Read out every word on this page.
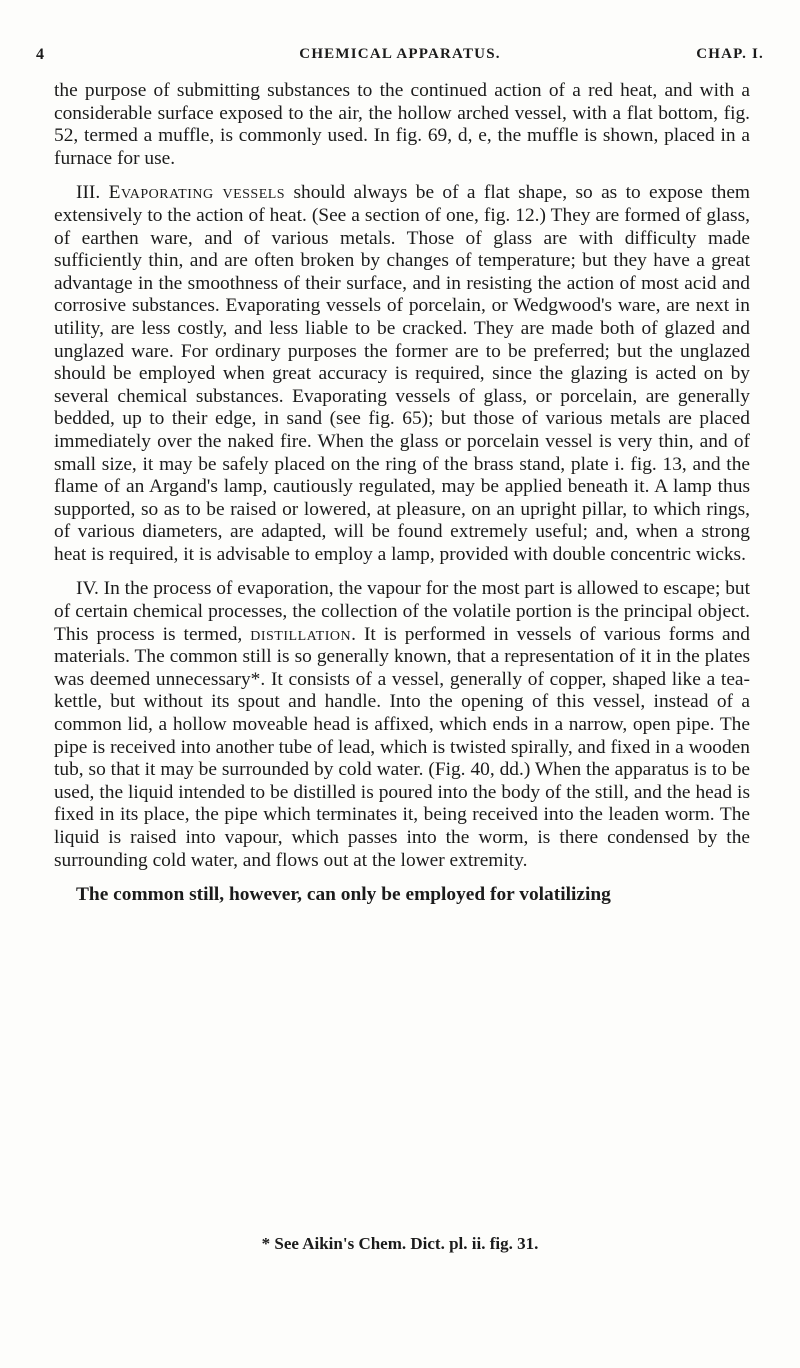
4	CHEMICAL APPARATUS.	CHAP. I.

the purpose of submitting substances to the continued action of a red heat, and with a considerable surface exposed to the air, the hollow arched vessel, with a flat bottom, fig. 52, termed a muffle, is commonly used. In fig. 69, d, e, the muffle is shown, placed in a furnace for use.

III. Evaporating vessels should always be of a flat shape, so as to expose them extensively to the action of heat. (See a section of one, fig. 12.) They are formed of glass, of earthen ware, and of various metals. Those of glass are with difficulty made sufficiently thin, and are often broken by changes of temperature; but they have a great advantage in the smoothness of their surface, and in resisting the action of most acid and corrosive substances. Evaporating vessels of porcelain, or Wedgwood's ware, are next in utility, are less costly, and less liable to be cracked. They are made both of glazed and unglazed ware. For ordinary purposes the former are to be preferred; but the unglazed should be employed when great accuracy is required, since the glazing is acted on by several chemical substances. Evaporating vessels of glass, or porcelain, are generally bedded, up to their edge, in sand (see fig. 65); but those of various metals are placed immediately over the naked fire. When the glass or porcelain vessel is very thin, and of small size, it may be safely placed on the ring of the brass stand, plate i. fig. 13, and the flame of an Argand's lamp, cautiously regulated, may be applied beneath it. A lamp thus supported, so as to be raised or lowered, at pleasure, on an upright pillar, to which rings, of various diameters, are adapted, will be found extremely useful; and, when a strong heat is required, it is advisable to employ a lamp, provided with double concentric wicks.

IV. In the process of evaporation, the vapour for the most part is allowed to escape; but of certain chemical processes, the collection of the volatile portion is the principal object. This process is termed, distillation. It is performed in vessels of various forms and materials. The common still is so generally known, that a representation of it in the plates was deemed unnecessary*. It consists of a vessel, generally of copper, shaped like a tea-kettle, but without its spout and handle. Into the opening of this vessel, instead of a common lid, a hollow moveable head is affixed, which ends in a narrow, open pipe. The pipe is received into another tube of lead, which is twisted spirally, and fixed in a wooden tub, so that it may be surrounded by cold water. (Fig. 40, dd.) When the apparatus is to be used, the liquid intended to be distilled is poured into the body of the still, and the head is fixed in its place, the pipe which terminates it, being received into the leaden worm. The liquid is raised into vapour, which passes into the worm, is there condensed by the surrounding cold water, and flows out at the lower extremity.

The common still, however, can only be employed for volatilizing

* See Aikin's Chem. Dict. pl. ii. fig. 31.
